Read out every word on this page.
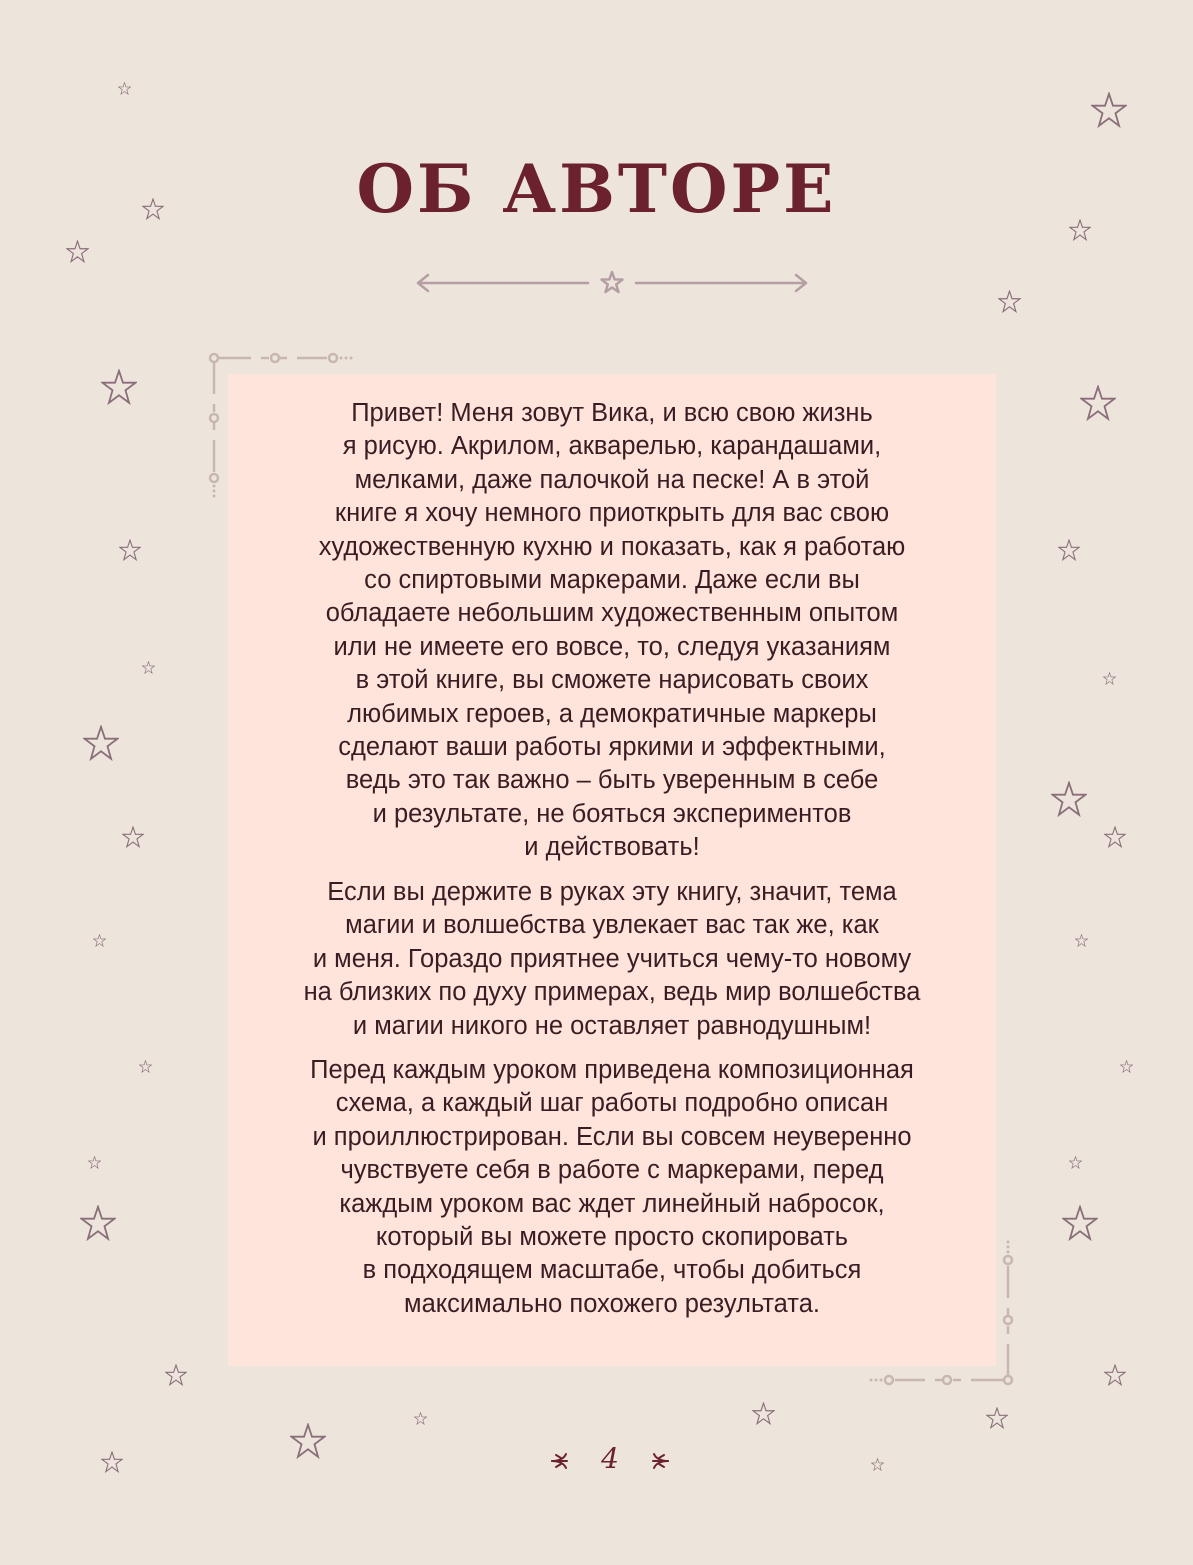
ОБ АВТОРЕ

Привет! Меня зовут Вика, и всю свою жизнь
я рисую. Акрилом, акварелью, карандашами,
мелками, даже палочкой на песке! А в этой
книге я хочу немного приоткрыть для вас свою
художественную кухню и показать, как я работаю
со спиртовыми маркерами. Даже если вы
обладаете небольшим художественным опытом
или не имеете его вовсе, то, следуя указаниям
в этой книге, вы сможете нарисовать своих
любимых героев, а демократичные маркеры
сделают ваши работы яркими и эффектными,
ведь это так важно – быть уверенным в себе
и результате, не бояться экспериментов
и действовать!

Если вы держите в руках эту книгу, значит, тема
магии и волшебства увлекает вас так же, как
и меня. Гораздо приятнее учиться чему-то новому
на близких по духу примерах, ведь мир волшебства
и магии никого не оставляет равнодушным!

Перед каждым уроком приведена композиционная
схема, а каждый шаг работы подробно описан
и проиллюстрирован. Если вы совсем неуверенно
чувствуете себя в работе с маркерами, перед
каждым уроком вас ждет линейный набросок,
который вы можете просто скопировать
в подходящем масштабе, чтобы добиться
максимально похожего результата.

4
